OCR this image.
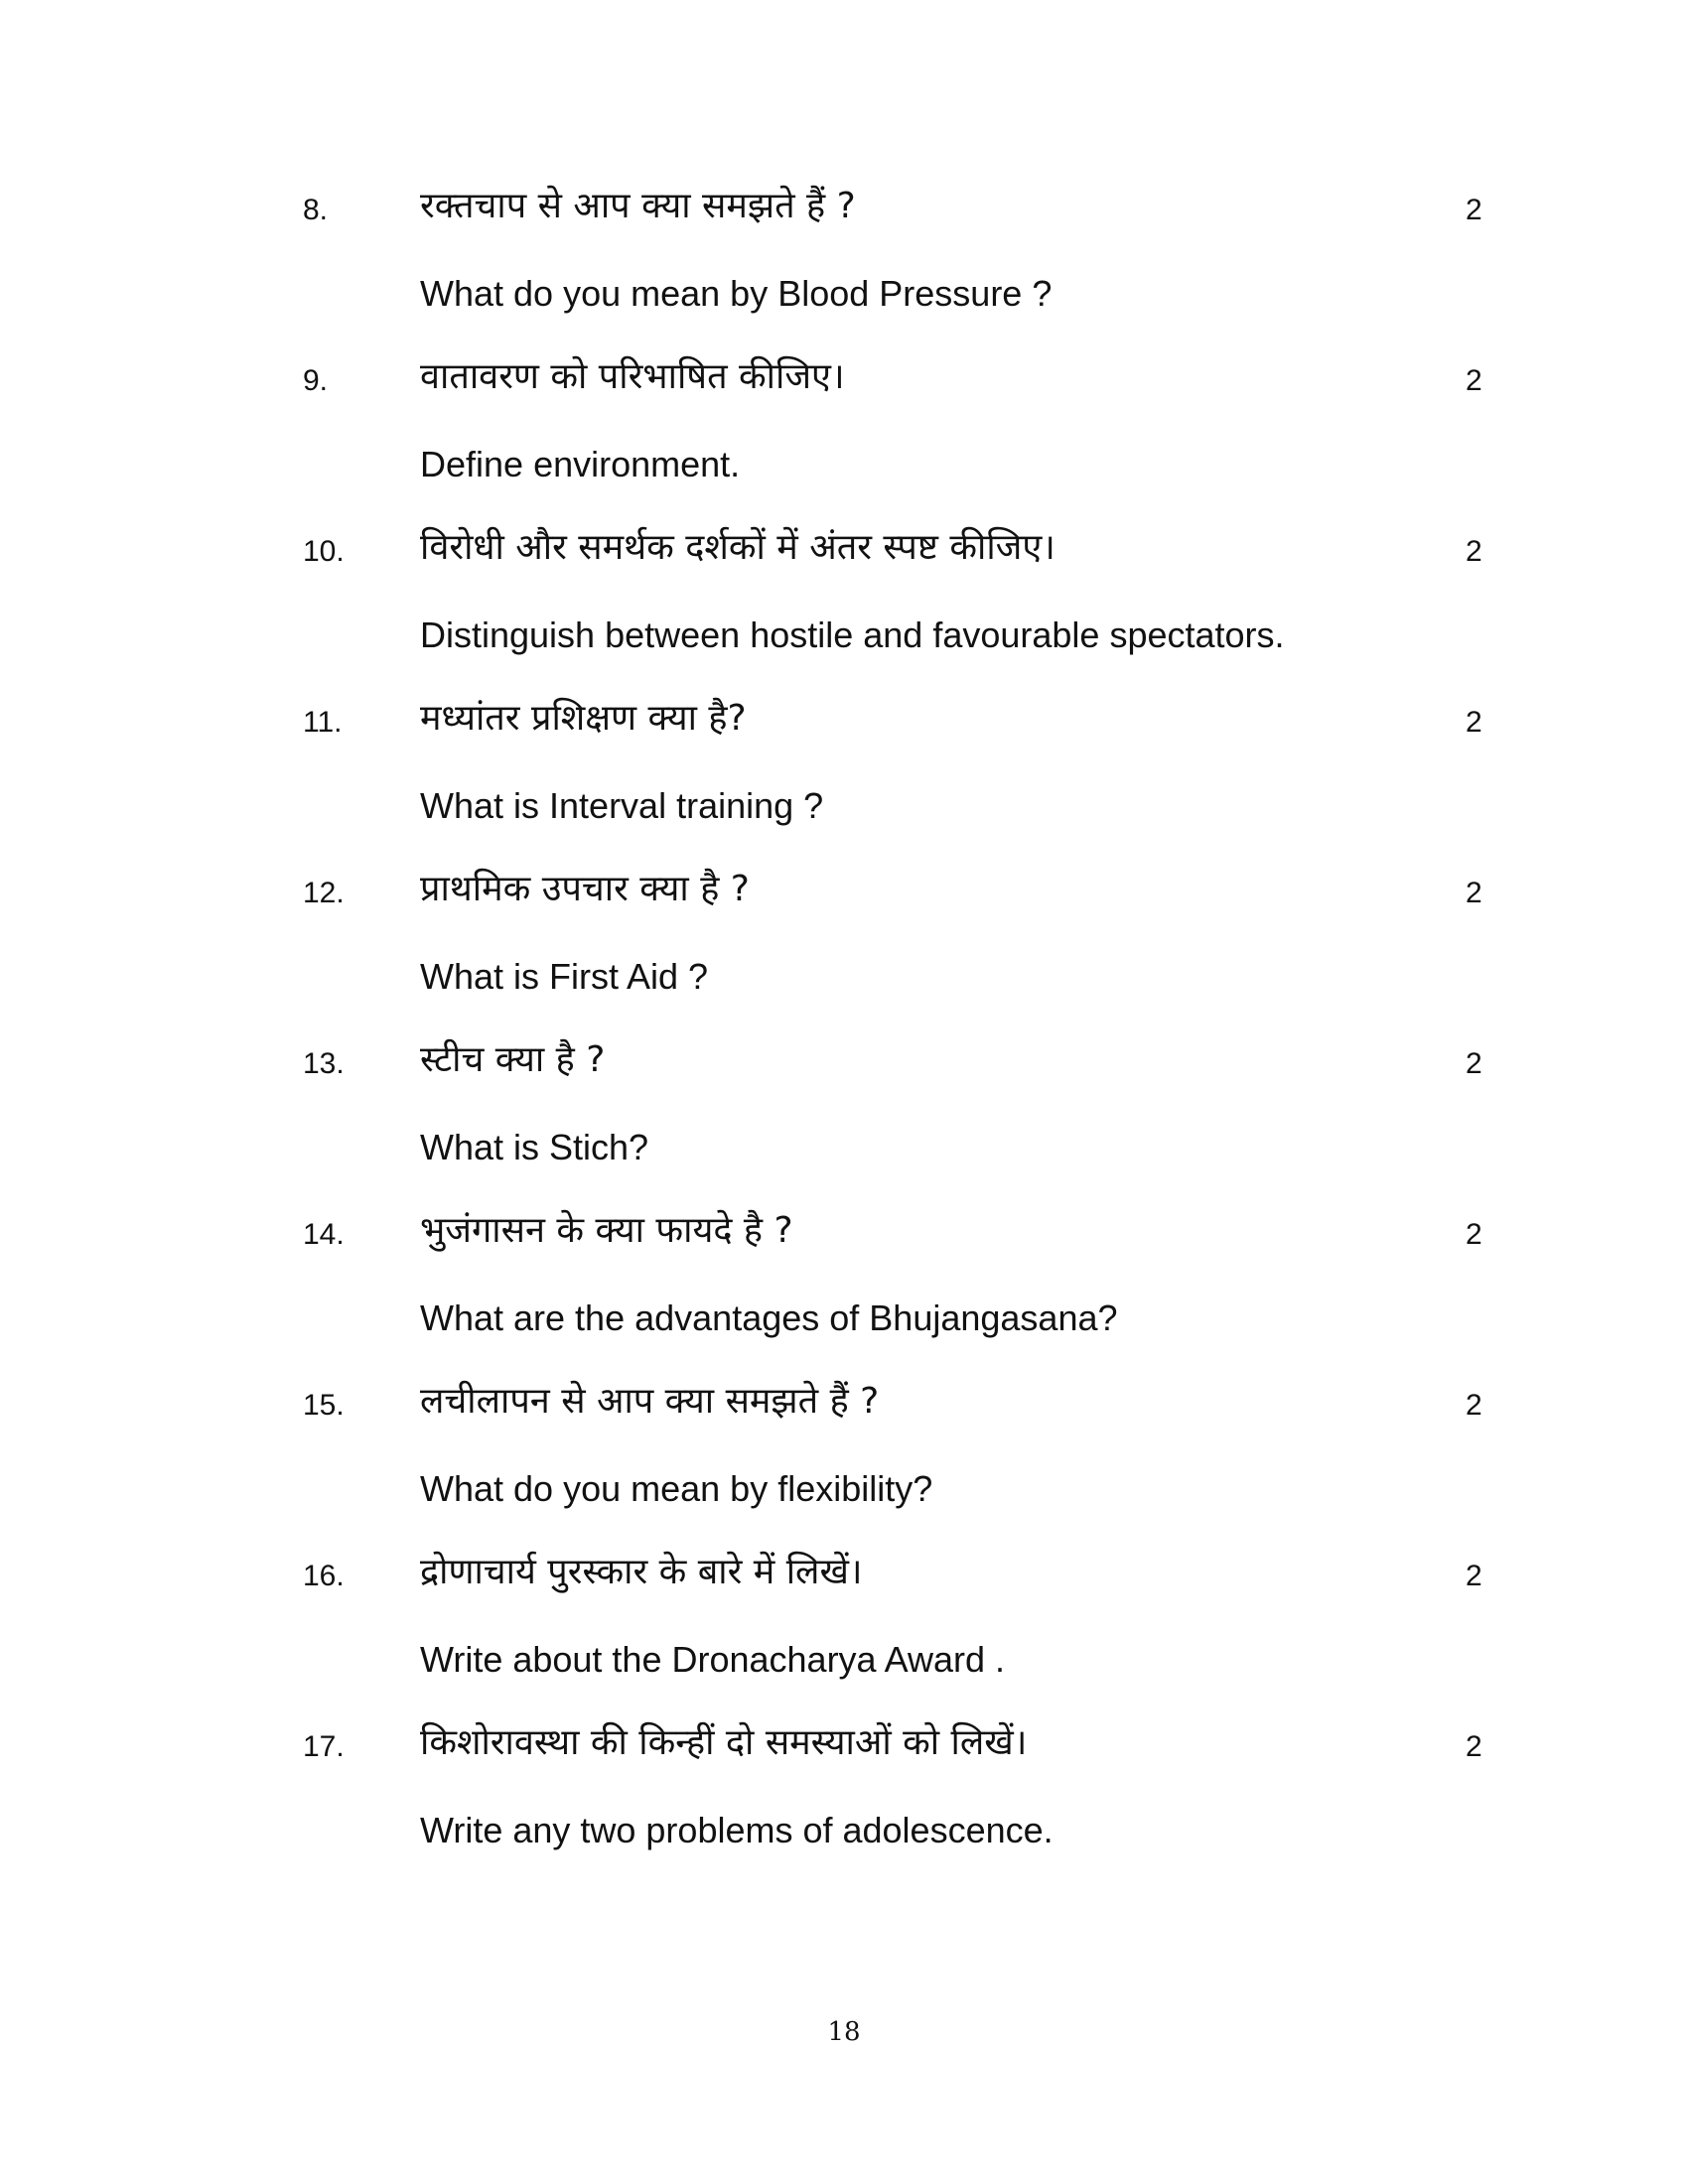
8.	रक्तचाप से आप क्या समझते हैं ?	2
What do you mean by Blood Pressure ?
9.	वातावरण को परिभाषित कीजिए।	2
Define environment.
10. विरोधी और समर्थक दर्शकों में अंतर स्पष्ट कीजिए।	2
Distinguish between hostile and favourable spectators.
11. मध्यांतर प्रशिक्षण क्या है?	2
What is Interval training ?
12. प्राथमिक उपचार क्या है ?	2
What is First Aid ?
13. स्टीच क्या है ?	2
What is Stich?
14. भुजंगासन के क्या फायदे है ?	2
What are the advantages of Bhujangasana?
15. लचीलापन से आप क्या समझते हैं ?	2
What do you mean by flexibility?
16. द्रोणाचार्य पुरस्कार के बारे में लिखें।	2
Write about the Dronacharya Award .
17. किशोरावस्था की किन्हीं दो समस्याओं को लिखें।	2
Write any two problems of adolescence.
18
